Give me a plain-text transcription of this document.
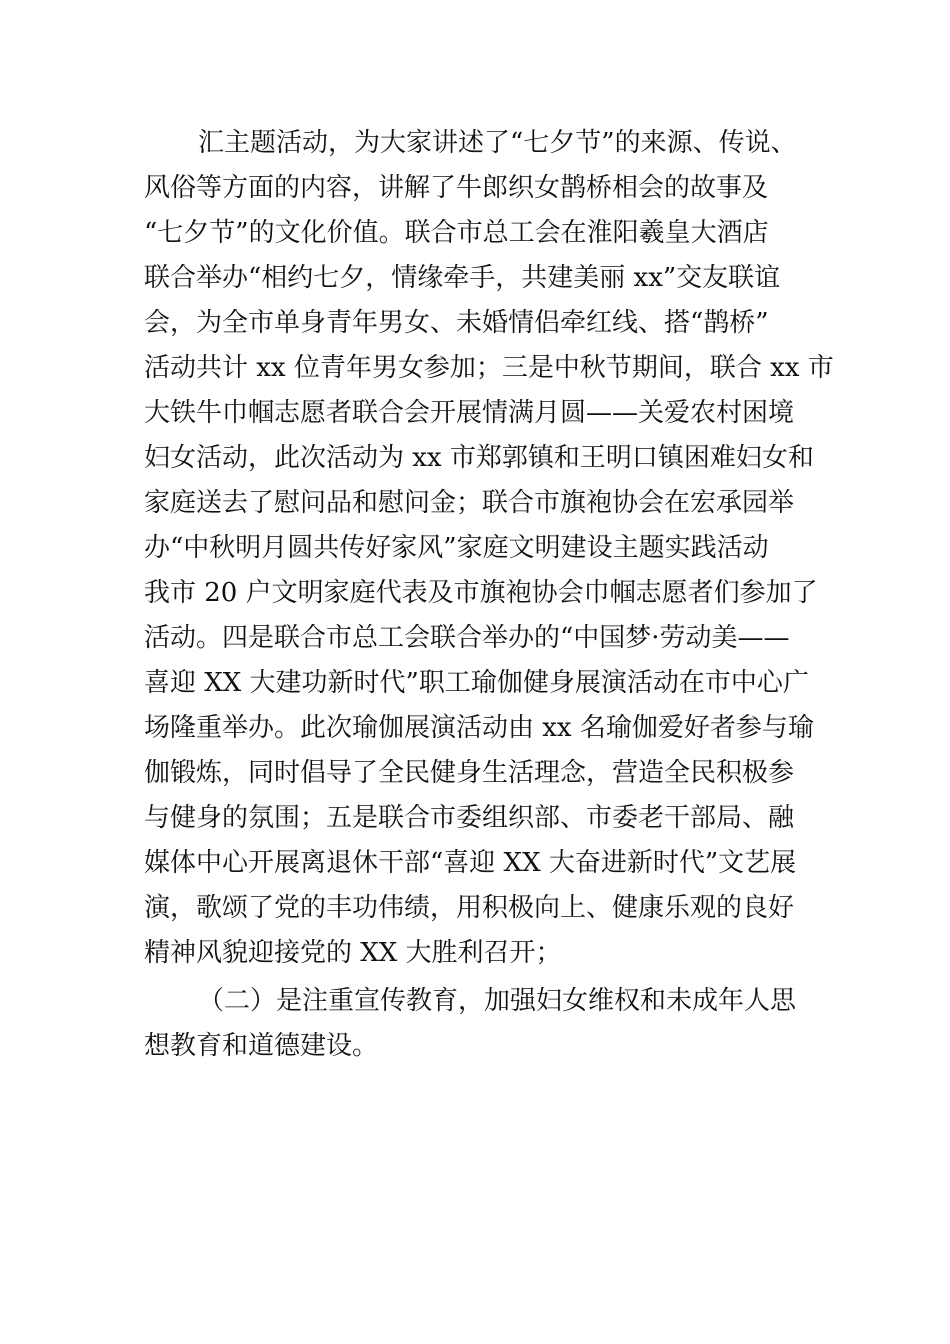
汇主题活动，为大家讲述了“七夕节”的来源、传说、
风俗等方面的内容，讲解了牛郎织女鹊桥相会的故事及
“七夕节”的文化价值。联合市总工会在淮阳羲皇大酒店
联合举办“相约七夕，情缘牵手，共建美丽 xx”交友联谊
会，为全市单身青年男女、未婚情侣牵红线、搭“鹊桥”
活动共计 xx 位青年男女参加；三是中秋节期间，联合 xx 市
大铁牛巾帼志愿者联合会开展情满月圆——关爱农村困境
妇女活动，此次活动为 xx 市郑郭镇和王明口镇困难妇女和
家庭送去了慰问品和慰问金；联合市旗袍协会在宏承园举
办“中秋明月圆共传好家风”家庭文明建设主题实践活动
我市 20 户文明家庭代表及市旗袍协会巾帼志愿者们参加了
活动。四是联合市总工会联合举办的“中国梦·劳动美——
喜迎 XX 大建功新时代”职工瑜伽健身展演活动在市中心广
场隆重举办。此次瑜伽展演活动由 xx 名瑜伽爱好者参与瑜
伽锻炼，同时倡导了全民健身生活理念，营造全民积极参
与健身的氛围；五是联合市委组织部、市委老干部局、融
媒体中心开展离退休干部“喜迎 XX 大奋进新时代”文艺展
演，歌颂了党的丰功伟绩，用积极向上、健康乐观的良好
精神风貌迎接党的 XX 大胜利召开；
（二）是注重宣传教育，加强妇女维权和未成年人思
想教育和道德建设。
